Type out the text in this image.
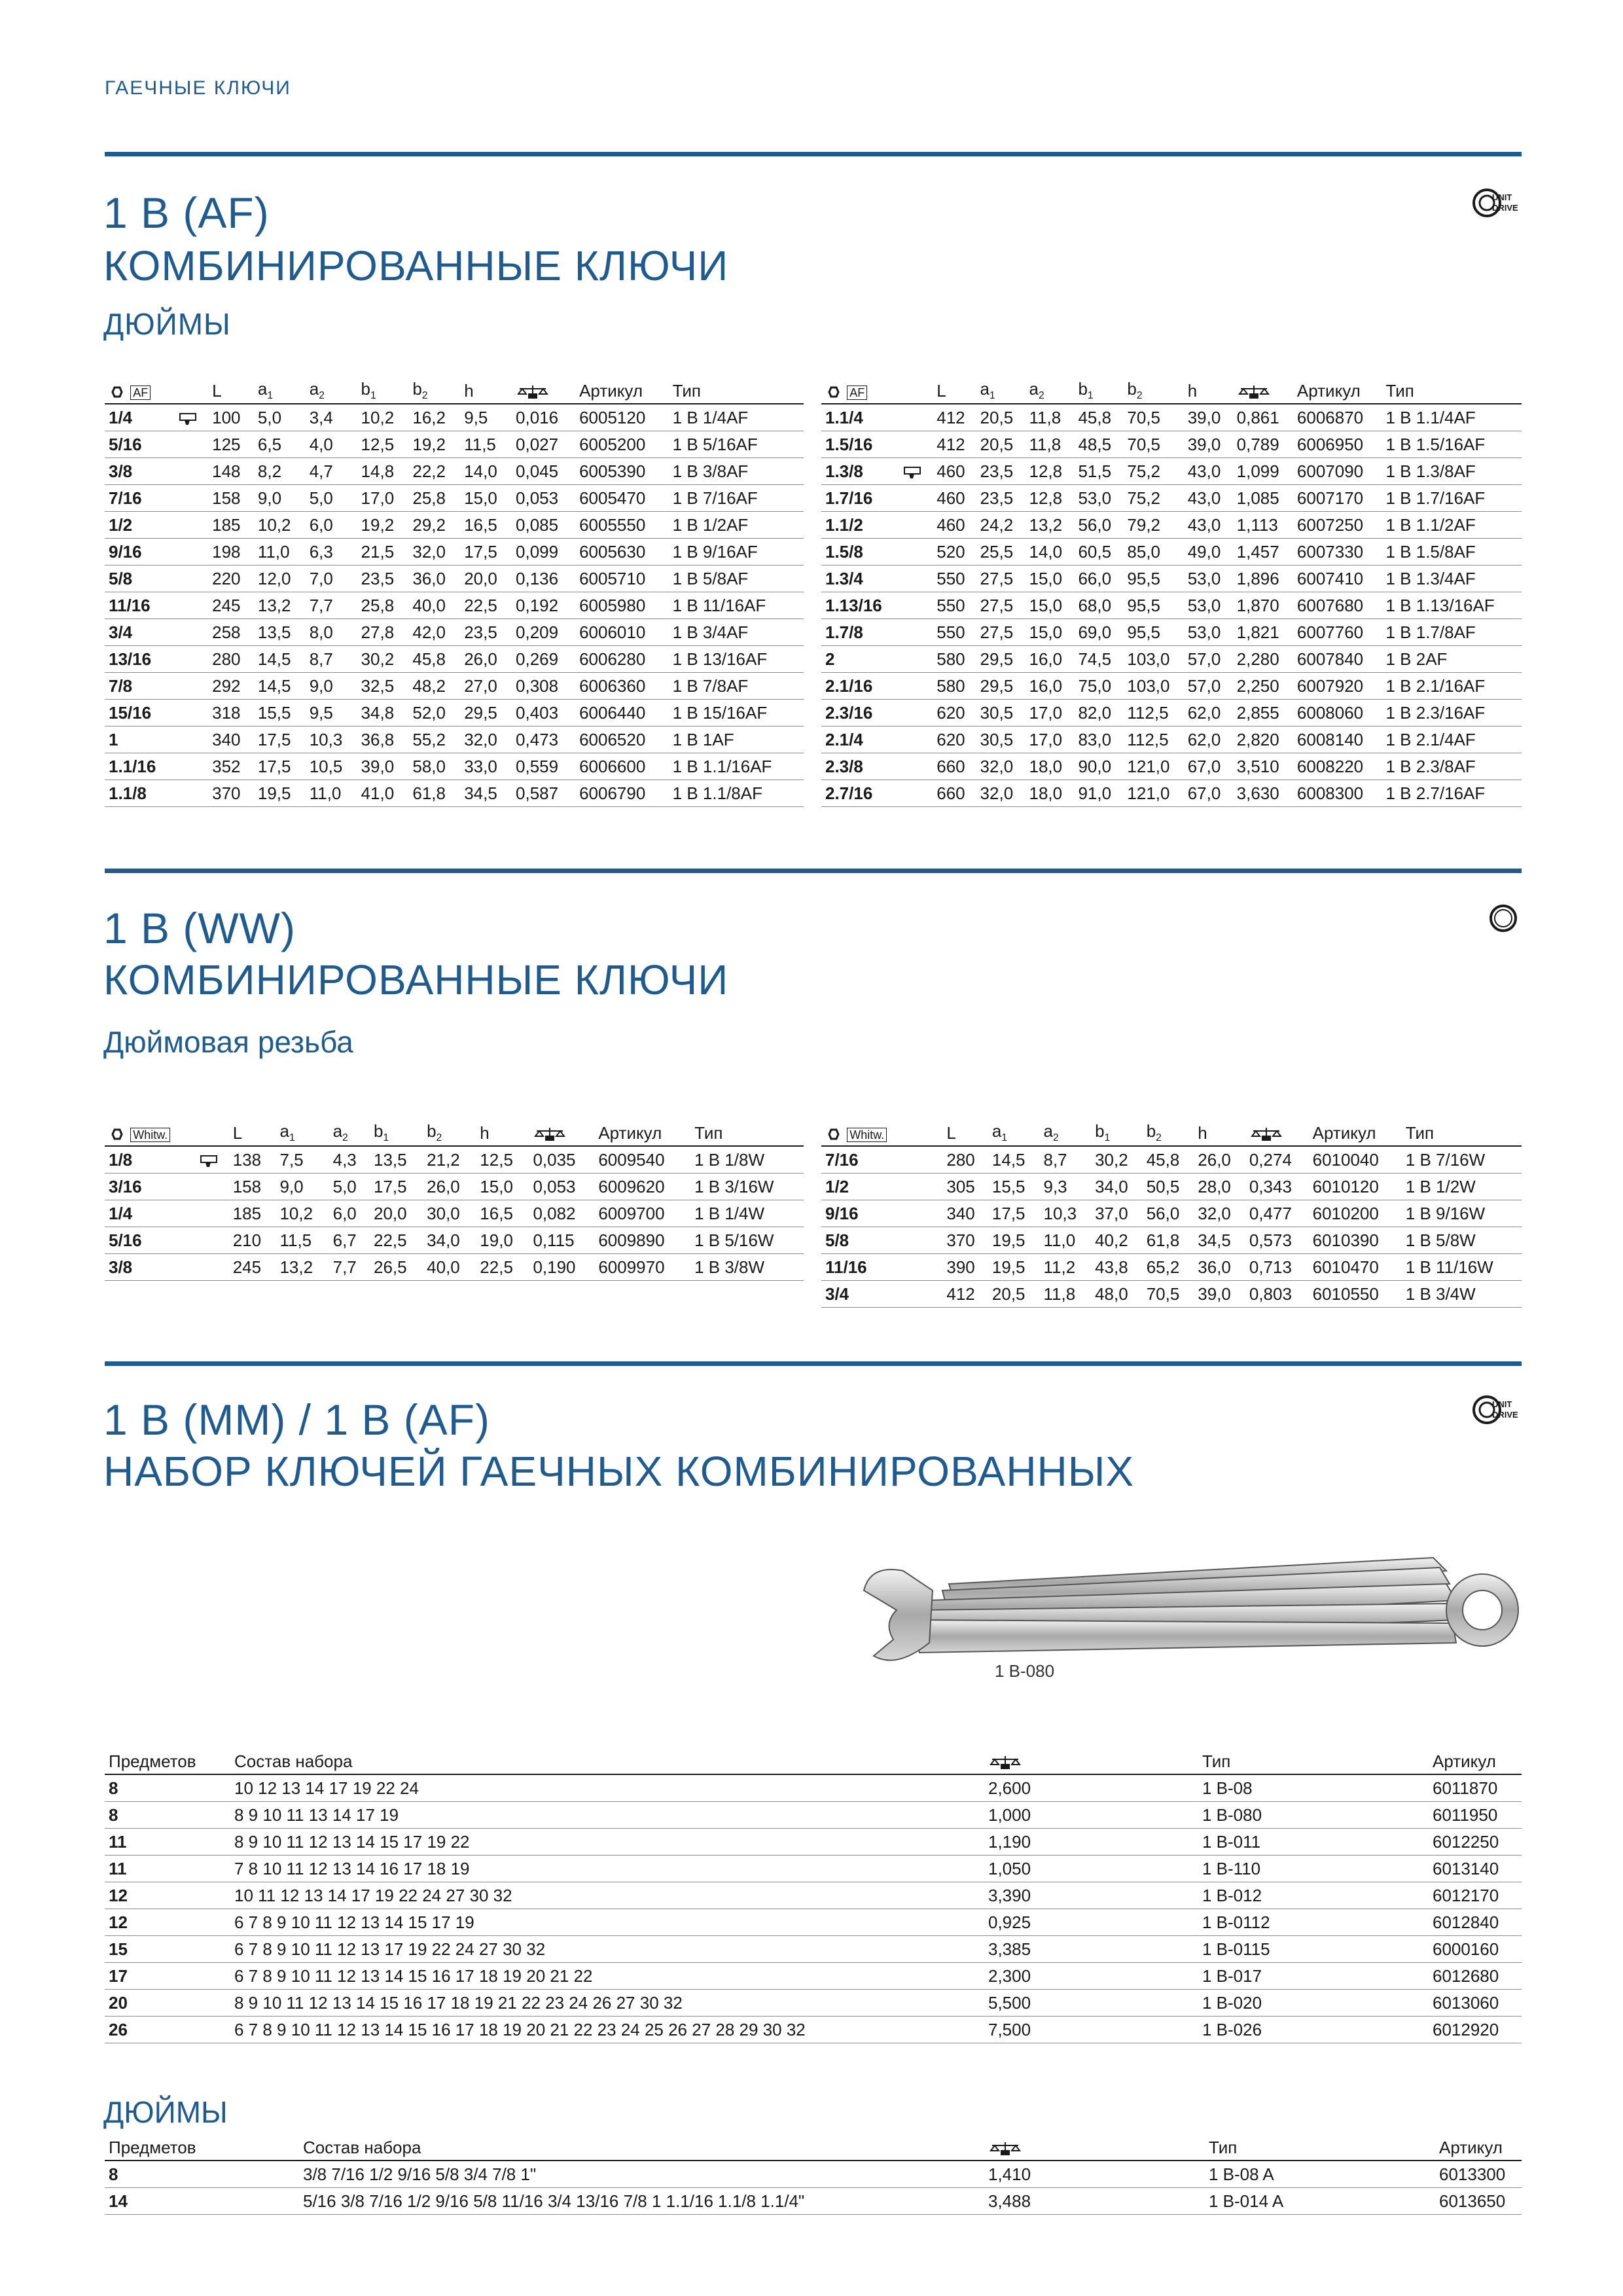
ГАЕЧНЫЕ КЛЮЧИ
1 B (AF)
КОМБИНИРОВАННЫЕ КЛЮЧИ
ДЮЙМЫ
UNIT
DRIVE
AF		L	$a_1$	$a_2$	$b_1$	$b_2$	h		Артикул	Тип
1/4		100	5,0	3,4	10,2	16,2	9,5	0,016	6005120	1 B 1/4AF
5/16		125	6,5	4,0	12,5	19,2	11,5	0,027	6005200	1 B 5/16AF
3/8		148	8,2	4,7	14,8	22,2	14,0	0,045	6005390	1 B 3/8AF
7/16		158	9,0	5,0	17,0	25,8	15,0	0,053	6005470	1 B 7/16AF
1/2		185	10,2	6,0	19,2	29,2	16,5	0,085	6005550	1 B 1/2AF
9/16		198	11,0	6,3	21,5	32,0	17,5	0,099	6005630	1 B 9/16AF
5/8		220	12,0	7,0	23,5	36,0	20,0	0,136	6005710	1 B 5/8AF
11/16		245	13,2	7,7	25,8	40,0	22,5	0,192	6005980	1 B 11/16AF
3/4		258	13,5	8,0	27,8	42,0	23,5	0,209	6006010	1 B 3/4AF
13/16		280	14,5	8,7	30,2	45,8	26,0	0,269	6006280	1 B 13/16AF
7/8		292	14,5	9,0	32,5	48,2	27,0	0,308	6006360	1 B 7/8AF
15/16		318	15,5	9,5	34,8	52,0	29,5	0,403	6006440	1 B 15/16AF
1		340	17,5	10,3	36,8	55,2	32,0	0,473	6006520	1 B 1AF
1.1/16		352	17,5	10,5	39,0	58,0	33,0	0,559	6006600	1 B 1.1/16AF
1.1/8		370	19,5	11,0	41,0	61,8	34,5	0,587	6006790	1 B 1.1/8AF
AF		L	$a_1$	$a_2$	$b_1$	$b_2$	h		Артикул	Тип
1.1/4		412	20,5	11,8	45,8	70,5	39,0	0,861	6006870	1 B 1.1/4AF
1.5/16		412	20,5	11,8	48,5	70,5	39,0	0,789	6006950	1 B 1.5/16AF
1.3/8		460	23,5	12,8	51,5	75,2	43,0	1,099	6007090	1 B 1.3/8AF
1.7/16		460	23,5	12,8	53,0	75,2	43,0	1,085	6007170	1 B 1.7/16AF
1.1/2		460	24,2	13,2	56,0	79,2	43,0	1,113	6007250	1 B 1.1/2AF
1.5/8		520	25,5	14,0	60,5	85,0	49,0	1,457	6007330	1 B 1.5/8AF
1.3/4		550	27,5	15,0	66,0	95,5	53,0	1,896	6007410	1 B 1.3/4AF
1.13/16		550	27,5	15,0	68,0	95,5	53,0	1,870	6007680	1 B 1.13/16AF
1.7/8		550	27,5	15,0	69,0	95,5	53,0	1,821	6007760	1 B 1.7/8AF
2		580	29,5	16,0	74,5	103,0	57,0	2,280	6007840	1 B 2AF
2.1/16		580	29,5	16,0	75,0	103,0	57,0	2,250	6007920	1 B 2.1/16AF
2.3/16		620	30,5	17,0	82,0	112,5	62,0	2,855	6008060	1 B 2.3/16AF
2.1/4		620	30,5	17,0	83,0	112,5	62,0	2,820	6008140	1 B 2.1/4AF
2.3/8		660	32,0	18,0	90,0	121,0	67,0	3,510	6008220	1 B 2.3/8AF
2.7/16		660	32,0	18,0	91,0	121,0	67,0	3,630	6008300	1 B 2.7/16AF
1 B (WW)
КОМБИНИРОВАННЫЕ КЛЮЧИ
Дюймовая резьба
Whitw.		L	$a_1$	$a_2$	$b_1$	$b_2$	h		Артикул	Тип
1/8		138	7,5	4,3	13,5	21,2	12,5	0,035	6009540	1 B 1/8W
3/16		158	9,0	5,0	17,5	26,0	15,0	0,053	6009620	1 B 3/16W
1/4		185	10,2	6,0	20,0	30,0	16,5	0,082	6009700	1 B 1/4W
5/16		210	11,5	6,7	22,5	34,0	19,0	0,115	6009890	1 B 5/16W
3/8		245	13,2	7,7	26,5	40,0	22,5	0,190	6009970	1 B 3/8W
Whitw.		L	$a_1$	$a_2$	$b_1$	$b_2$	h		Артикул	Тип
7/16		280	14,5	8,7	30,2	45,8	26,0	0,274	6010040	1 B 7/16W
1/2		305	15,5	9,3	34,0	50,5	28,0	0,343	6010120	1 B 1/2W
9/16		340	17,5	10,3	37,0	56,0	32,0	0,477	6010200	1 B 9/16W
5/8		370	19,5	11,0	40,2	61,8	34,5	0,573	6010390	1 B 5/8W
11/16		390	19,5	11,2	43,8	65,2	36,0	0,713	6010470	1 B 11/16W
3/4		412	20,5	11,8	48,0	70,5	39,0	0,803	6010550	1 B 3/4W
1 B (MM) / 1 B (AF)
НАБОР КЛЮЧЕЙ ГАЕЧНЫХ КОМБИНИРОВАННЫХ
UNIT
DRIVE
1 B-080
Предметов	Состав набора		Тип	Артикул
8	10 12 13 14 17 19 22 24	2,600	1 B-08	6011870
8	8 9 10 11 13 14 17 19	1,000	1 B-080	6011950
11	8 9 10 11 12 13 14 15 17 19 22	1,190	1 B-011	6012250
11	7 8 10 11 12 13 14 16 17 18 19	1,050	1 B-110	6013140
12	10 11 12 13 14 17 19 22 24 27 30 32	3,390	1 B-012	6012170
12	6 7 8 9 10 11 12 13 14 15 17 19	0,925	1 B-0112	6012840
15	6 7 8 9 10 11 12 13 17 19 22 24 27 30 32	3,385	1 B-0115	6000160
17	6 7 8 9 10 11 12 13 14 15 16 17 18 19 20 21 22	2,300	1 B-017	6012680
20	8 9 10 11 12 13 14 15 16 17 18 19 21 22 23 24 26 27 30 32	5,500	1 B-020	6013060
26	6 7 8 9 10 11 12 13 14 15 16 17 18 19 20 21 22 23 24 25 26 27 28 29 30 32	7,500	1 B-026	6012920
ДЮЙМЫ
Предметов	Состав набора		Тип	Артикул
8	3/8 7/16 1/2 9/16 5/8 3/4 7/8 1"	1,410	1 B-08 A	6013300
14	5/16 3/8 7/16 1/2 9/16 5/8 11/16 3/4 13/16 7/8 1 1.1/16 1.1/8 1.1/4"	3,488	1 B-014 A	6013650
